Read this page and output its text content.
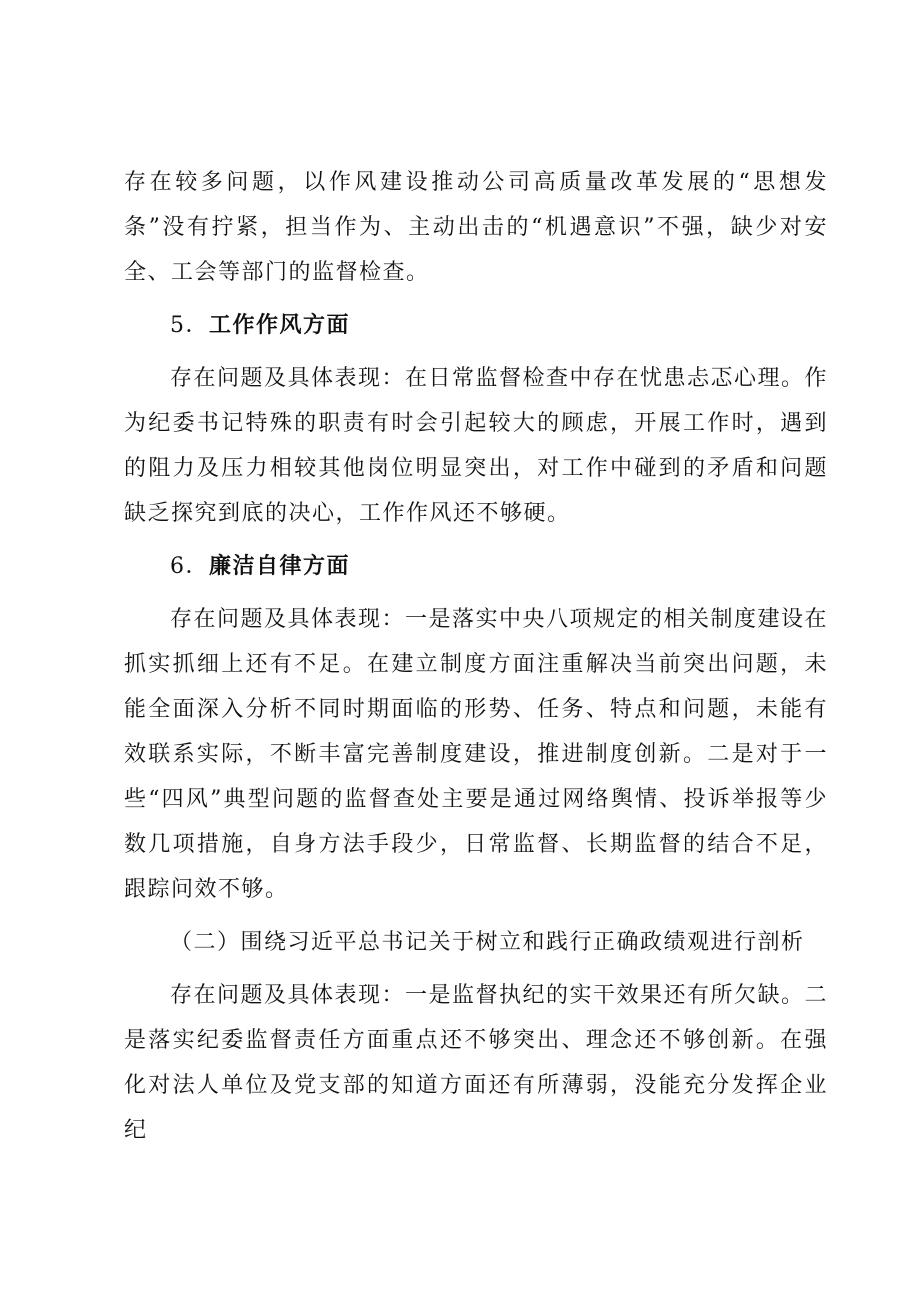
存在较多问题，以作风建设推动公司高质量改革发展的“思想发条”没有拧紧，担当作为、主动出击的“机遇意识”不强，缺少对安全、工会等部门的监督检查。

5．工作作风方面

存在问题及具体表现：在日常监督检查中存在忧患忐忑心理。作为纪委书记特殊的职责有时会引起较大的顾虑，开展工作时，遇到的阻力及压力相较其他岗位明显突出，对工作中碰到的矛盾和问题缺乏探究到底的决心，工作作风还不够硬。

6．廉洁自律方面

存在问题及具体表现：一是落实中央八项规定的相关制度建设在抓实抓细上还有不足。在建立制度方面注重解决当前突出问题，未能全面深入分析不同时期面临的形势、任务、特点和问题，未能有效联系实际，不断丰富完善制度建设，推进制度创新。二是对于一些“四风”典型问题的监督查处主要是通过网络舆情、投诉举报等少数几项措施，自身方法手段少，日常监督、长期监督的结合不足，跟踪问效不够。

（二）围绕习近平总书记关于树立和践行正确政绩观进行剖析

存在问题及具体表现：一是监督执纪的实干效果还有所欠缺。二是落实纪委监督责任方面重点还不够突出、理念还不够创新。在强化对法人单位及党支部的知道方面还有所薄弱，没能充分发挥企业纪
